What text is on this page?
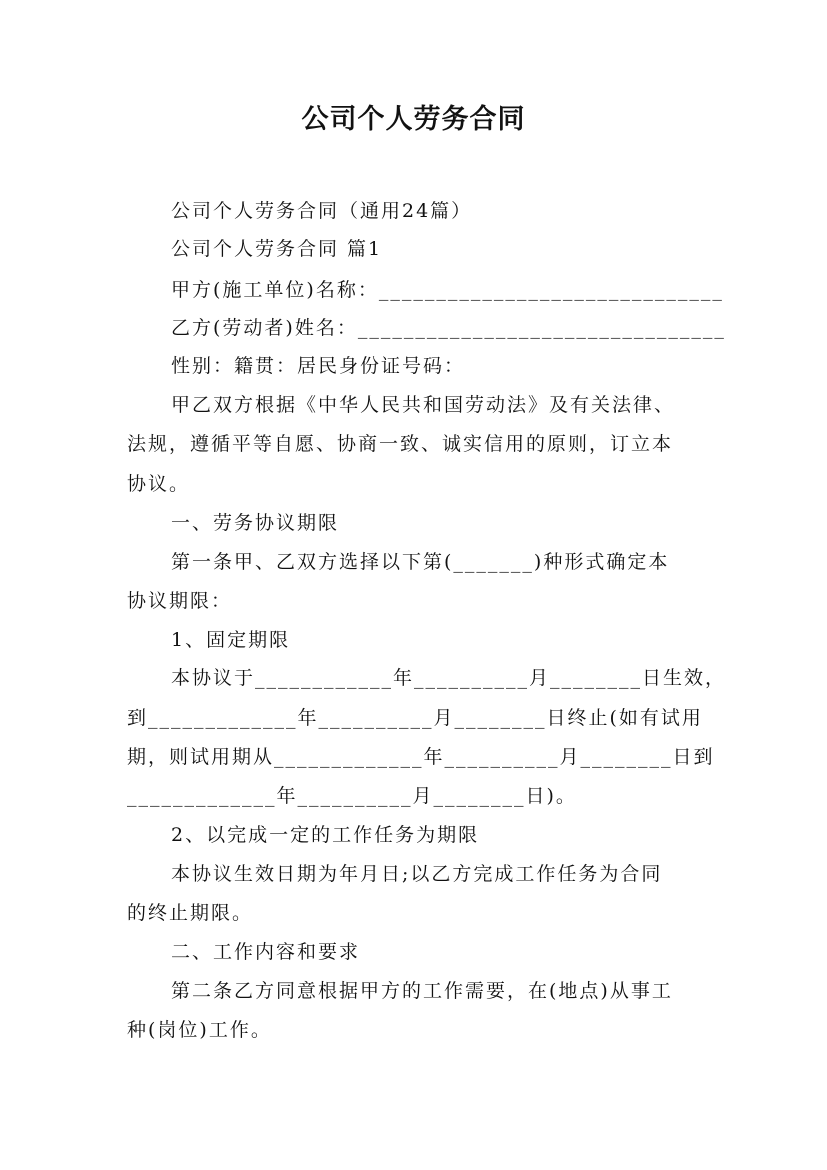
公司个人劳务合同
公司个人劳务合同（通用24篇）
公司个人劳务合同 篇1
甲方(施工单位)名称：______________________________
乙方(劳动者)姓名：________________________________
性别：籍贯：居民身份证号码：
甲乙双方根据《中华人民共和国劳动法》及有关法律、
法规，遵循平等自愿、协商一致、诚实信用的原则，订立本
协议。
一、劳务协议期限
第一条甲、乙双方选择以下第(_______)种形式确定本
协议期限：
1、固定期限
本协议于____________年__________月________日生效，
到_____________年__________月________日终止(如有试用
期，则试用期从_____________年__________月________日到
_____________年__________月________日)。
2、以完成一定的工作任务为期限
本协议生效日期为年月日;以乙方完成工作任务为合同
的终止期限。
二、工作内容和要求
第二条乙方同意根据甲方的工作需要，在(地点)从事工
种(岗位)工作。
